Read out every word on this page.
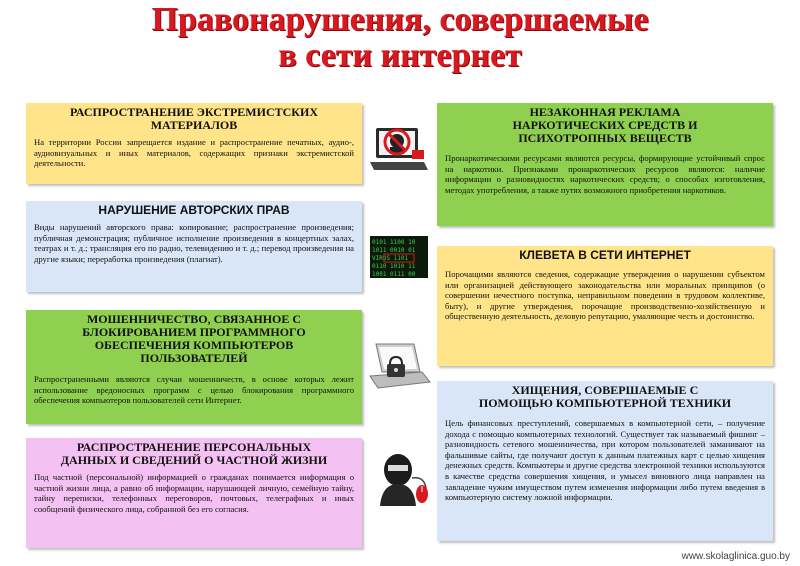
Правонарушения, совершаемые
в сети интернет
РАСПРОСТРАНЕНИЕ ЭКСТРЕМИСТСКИХ МАТЕРИАЛОВ

На территории России запрещается издание и распространение печатных, аудио-, аудиовизуальных и иных материалов, содержащих признаки экстремистской деятельности.

НАРУШЕНИЕ АВТОРСКИХ ПРАВ

Виды нарушений авторского права: копирование; распространение произведения; публичная демонстрация; публичное исполнение произведения в концертных залах, театрах и т. д.; трансляция его по радио, телевидению и т. д.; перевод произведения на другие языки; переработка произведения (плагиат).

МОШЕННИЧЕСТВО, СВЯЗАННОЕ С БЛОКИРОВАНИЕМ ПРОГРАММНОГО ОБЕСПЕЧЕНИЯ КОМПЬЮТЕРОВ ПОЛЬЗОВАТЕЛЕЙ

Распространенными являются случаи мошенничеств, в основе которых лежит использование вредоносных программ с целью блокирования программного обеспечения компьютеров пользователей сети Интернет.

РАСПРОСТРАНЕНИЕ ПЕРСОНАЛЬНЫХ ДАННЫХ И СВЕДЕНИЙ О ЧАСТНОЙ ЖИЗНИ

Под частной (персональной) информацией о гражданах понимается информация о частной жизни лица, а равно об информации, нарушающей личную, семейную тайну, тайну переписки, телефонных переговоров, почтовых, телеграфных и иных сообщений физического лица, собранной без его согласия.

НЕЗАКОННАЯ РЕКЛАМА НАРКОТИЧЕСКИХ СРЕДСТВ И ПСИХОТРОПНЫХ ВЕЩЕСТВ

Пронаркотическими ресурсами являются ресурсы, формирующие устойчивый спрос на наркотики. Признаками пронаркотических ресурсов являются: наличие информации о разновидностях наркотических средств; о способах изготовления, методах употребления, а также путях возможного приобретения наркотиков.

КЛЕВЕТА В СЕТИ ИНТЕРНЕТ

Порочащими являются сведения, содержащие утверждения о нарушении субъектом или организацией действующего законодательства или моральных принципов (о совершении нечестного поступка, неправильном поведении в трудовом коллективе, быту), и другие утверждения, порочащие производственно-хозяйственную и общественную деятельность, деловую репутацию, умаляющие честь и достоинство.

ХИЩЕНИЯ, СОВЕРШАЕМЫЕ С ПОМОЩЬЮ КОМПЬЮТЕРНОЙ ТЕХНИКИ

Цель финансовых преступлений, совершаемых в компьютерной сети, – получение дохода с помощью компьютерных технологий. Существует так называемый фишинг – разновидность сетевого мошенничества, при котором пользователей заманивают на фальшивые сайты, где получают доступ к данным платежных карт с целью хищения денежных средств. Компьютеры и другие средства электронной техники используются в качестве средства совершения хищения, и умысел виновного лица направлен на завладение чужим имуществом путем изменения информации либо путем введения в компьютерную систему ложной информации.

0101 1100 10
1011 0010 01
VIRUS 1101
0110 1010 11
1001 0111 00
www.skolaglinica.guo.by
